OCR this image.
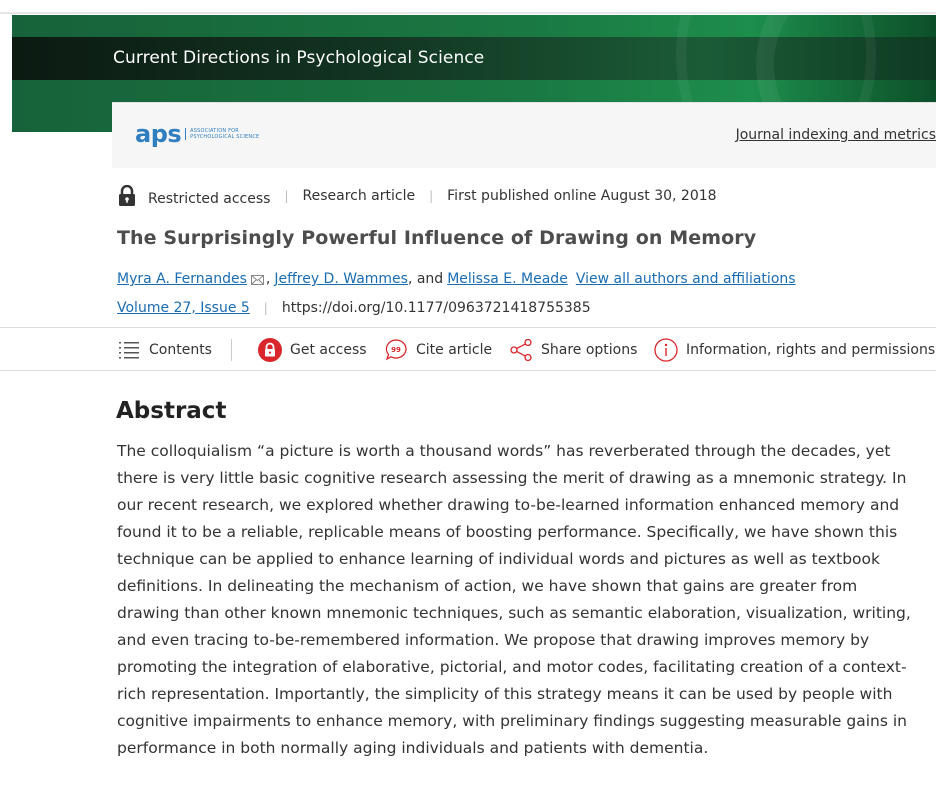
Current Directions in Psychological Science
aps ASSOCIATION FOR
PSYCHOLOGICAL SCIENCE	Journal indexing and metrics
Restricted access | Research article | First published online August 30, 2018
The Surprisingly Powerful Influence of Drawing on Memory
Myra A. Fernandes , Jeffrey D. Wammes , and Melissa E. Meade View all authors and affiliations
Volume 27, Issue 5 | https://doi.org/10.1177/0963721418755385
Contents	Get access	99 Cite article	Share options	Information, rights and permissions
Abstract

The colloquialism “a picture is worth a thousand words” has reverberated through the decades, yet there is very little basic cognitive research assessing the merit of drawing as a mnemonic strategy. In our recent research, we explored whether drawing to-be-learned information enhanced memory and found it to be a reliable, replicable means of boosting performance. Specifically, we have shown this technique can be applied to enhance learning of individual words and pictures as well as textbook definitions. In delineating the mechanism of action, we have shown that gains are greater from drawing than other known mnemonic techniques, such as semantic elaboration, visualization, writing, and even tracing to-be-remembered information. We propose that drawing improves memory by promoting the integration of elaborative, pictorial, and motor codes, facilitating creation of a context-rich representation. Importantly, the simplicity of this strategy means it can be used by people with cognitive impairments to enhance memory, with preliminary findings suggesting measurable gains in performance in both normally aging individuals and patients with dementia.
